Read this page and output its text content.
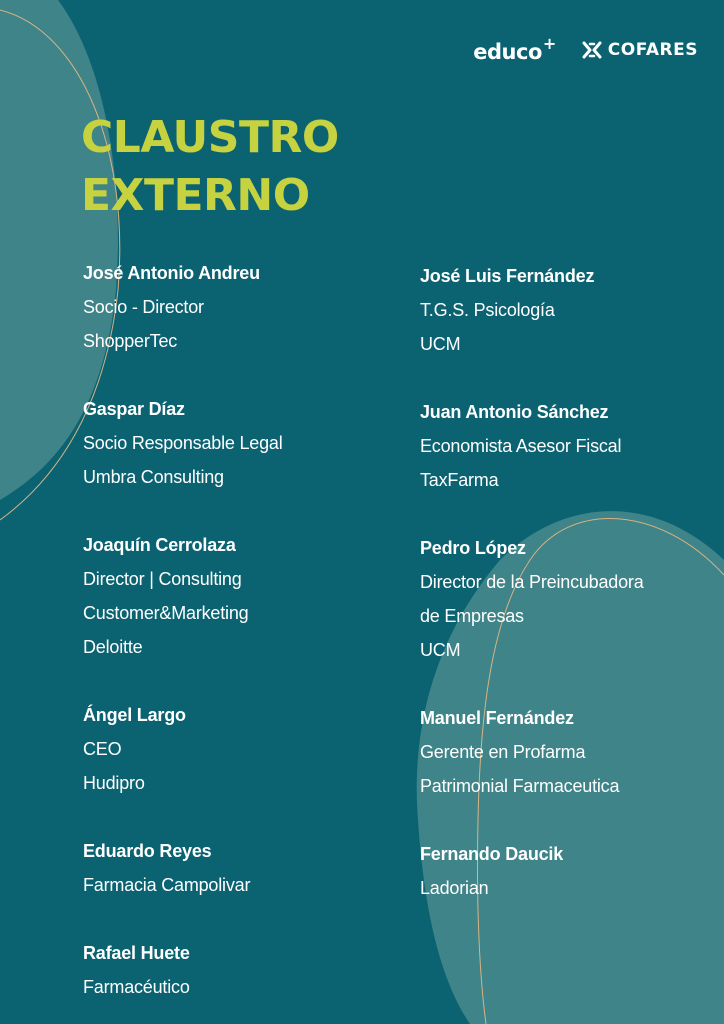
educo+	COFARES
CLAUSTRO
EXTERNO
José Antonio Andreu
Socio - Director
ShopperTec
Gaspar Díaz
Socio Responsable Legal
Umbra Consulting
Joaquín Cerrolaza
Director | Consulting
Customer&Marketing
Deloitte
Ángel Largo
CEO
Hudipro
Eduardo Reyes
Farmacia Campolivar
Rafael Huete
Farmacéutico
José Luis Fernández
T.G.S. Psicología
UCM
Juan Antonio Sánchez
Economista Asesor Fiscal
TaxFarma
Pedro López
Director de la Preincubadora
de Empresas
UCM
Manuel Fernández
Gerente en Profarma
Patrimonial Farmaceutica
Fernando Daucik
Ladorian
